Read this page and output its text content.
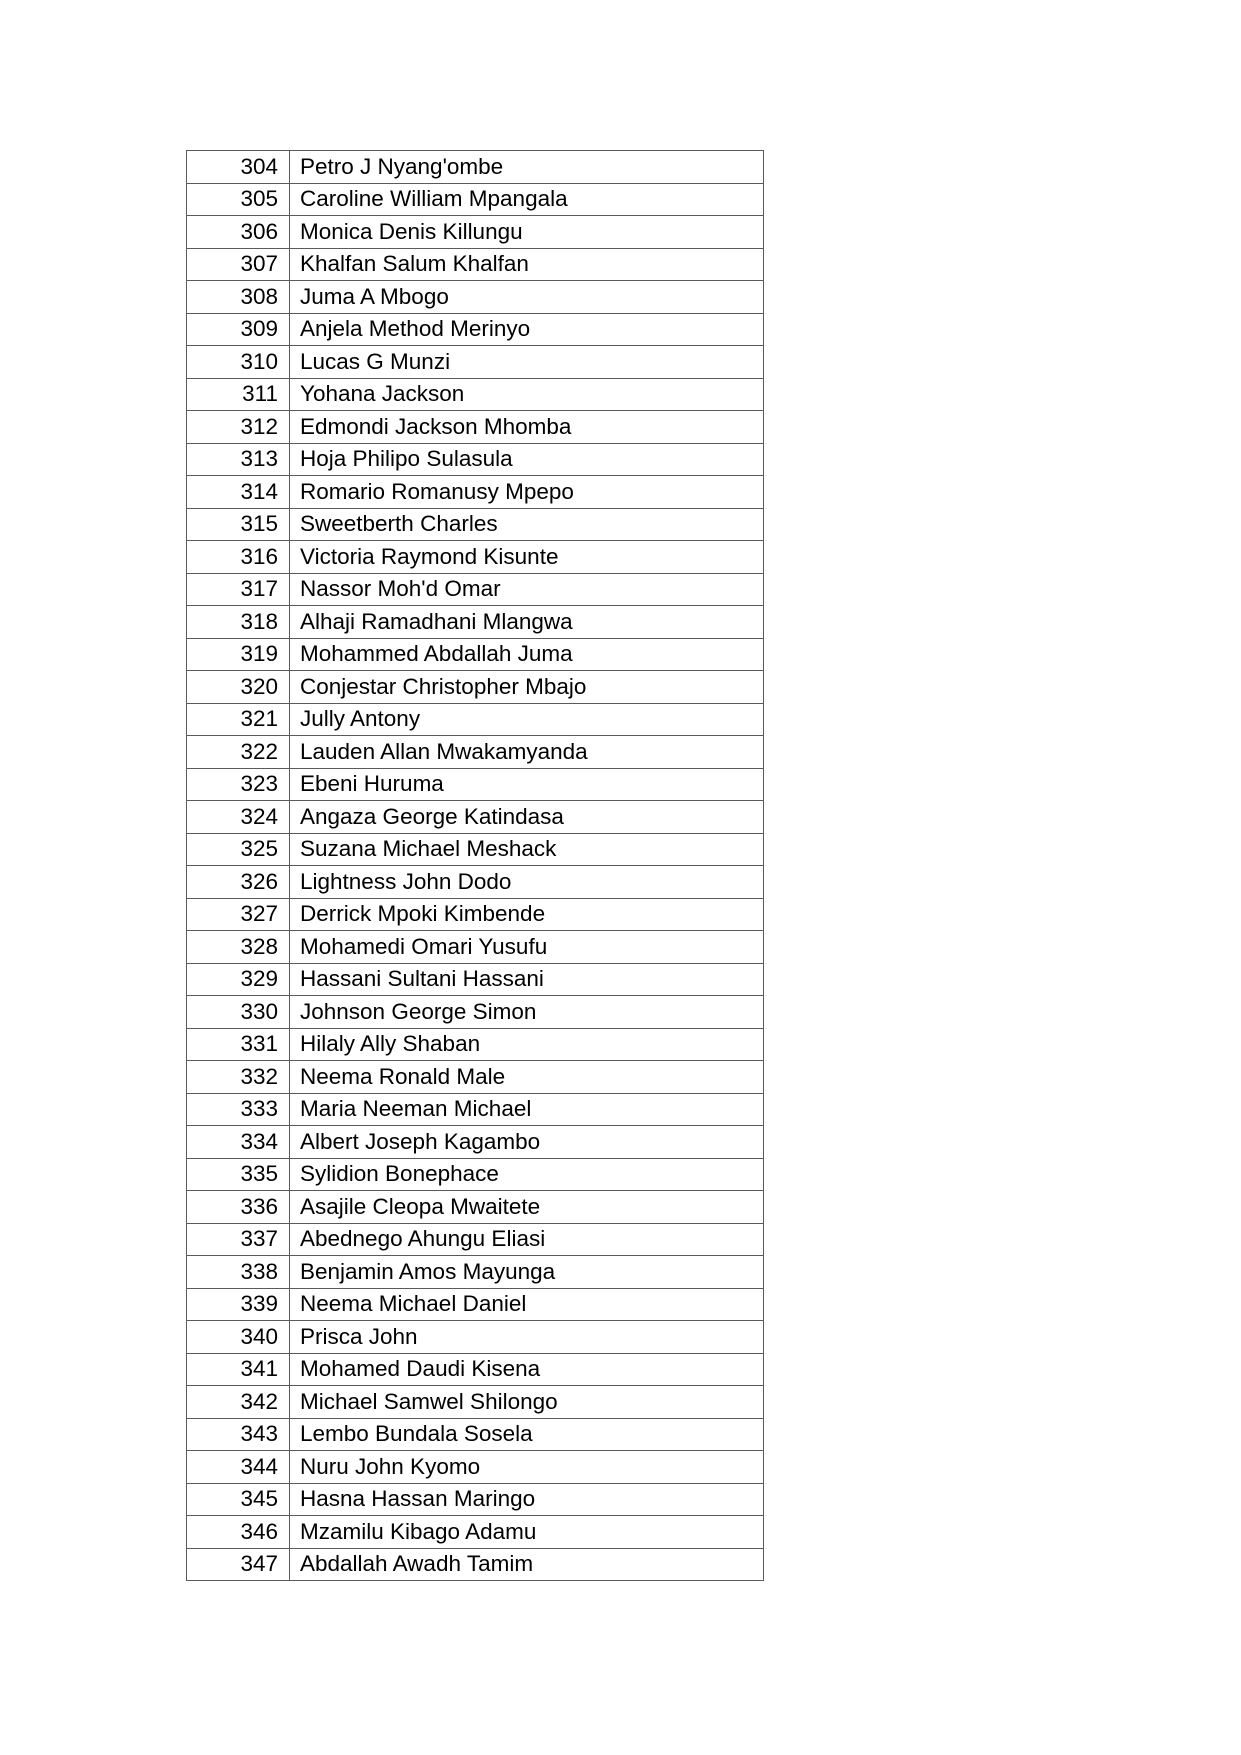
304	Petro J Nyang'ombe
305	Caroline William Mpangala
306	Monica Denis Killungu
307	Khalfan Salum Khalfan
308	Juma A Mbogo
309	Anjela Method Merinyo
310	Lucas G Munzi
311	Yohana Jackson
312	Edmondi Jackson Mhomba
313	Hoja Philipo Sulasula
314	Romario Romanusy Mpepo
315	Sweetberth Charles
316	Victoria Raymond Kisunte
317	Nassor Moh'd Omar
318	Alhaji Ramadhani Mlangwa
319	Mohammed Abdallah Juma
320	Conjestar Christopher Mbajo
321	Jully Antony
322	Lauden Allan Mwakamyanda
323	Ebeni Huruma
324	Angaza George Katindasa
325	Suzana Michael Meshack
326	Lightness John Dodo
327	Derrick Mpoki Kimbende
328	Mohamedi Omari Yusufu
329	Hassani Sultani Hassani
330	Johnson George Simon
331	Hilaly Ally Shaban
332	Neema Ronald Male
333	Maria Neeman Michael
334	Albert Joseph Kagambo
335	Sylidion Bonephace
336	Asajile Cleopa Mwaitete
337	Abednego Ahungu Eliasi
338	Benjamin Amos Mayunga
339	Neema Michael Daniel
340	Prisca John
341	Mohamed Daudi Kisena
342	Michael Samwel Shilongo
343	Lembo Bundala Sosela
344	Nuru John Kyomo
345	Hasna Hassan Maringo
346	Mzamilu Kibago Adamu
347	Abdallah Awadh Tamim
